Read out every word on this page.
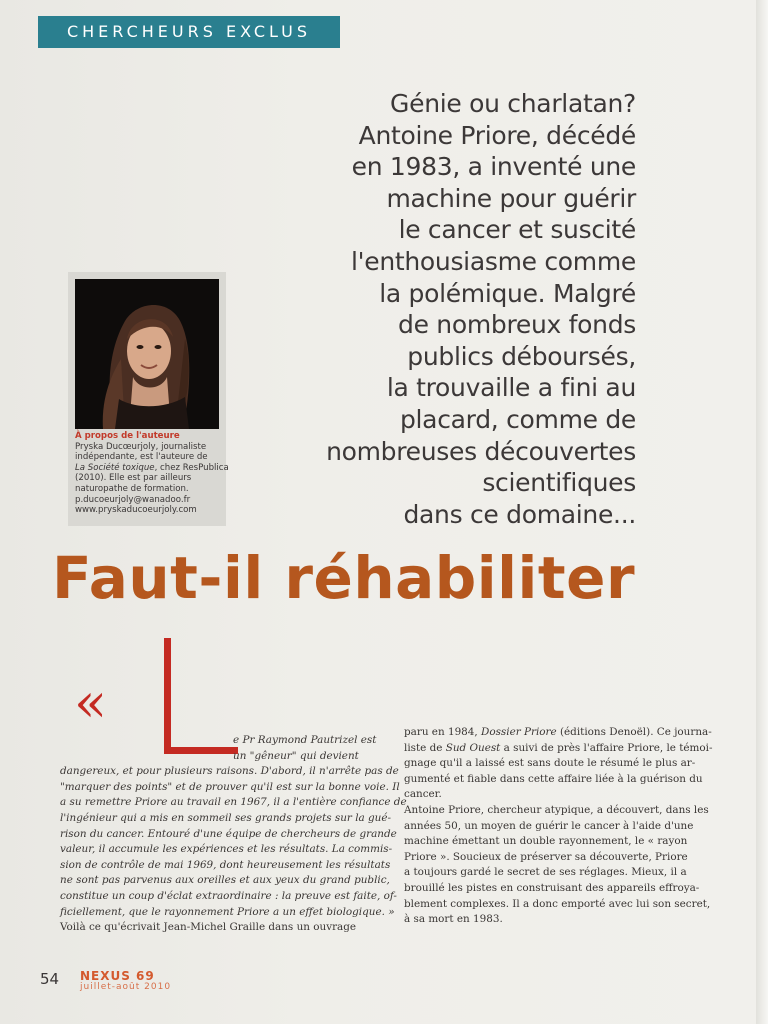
CHERCHEURS EXCLUS
Génie ou charlatan?
Antoine Priore, décédé
en 1983, a inventé une
machine pour guérir
le cancer et suscité
l'enthousiasme comme
la polémique. Malgré
de nombreux fonds
publics déboursés,
la trouvaille a fini au
placard, comme de
nombreuses découvertes
scientifiques
dans ce domaine...
À propos de l'auteure
Pryska Ducœurjoly, journaliste
indépendante, est l'auteure de
La Société toxique, chez ResPublica
(2010). Elle est par ailleurs
naturopathe de formation.
p.ducoeurjoly@wanadoo.fr
www.pryskaducoeurjoly.com
Faut-il réhabiliter
«
L
e Pr Raymond Pautrizel est
un "gêneur" qui devient
dangereux, et pour plusieurs raisons. D'abord, il n'arrête pas de
"marquer des points" et de prouver qu'il est sur la bonne voie. Il
a su remettre Priore au travail en 1967, il a l'entière confiance de
l'ingénieur qui a mis en sommeil ses grands projets sur la gué-
rison du cancer. Entouré d'une équipe de chercheurs de grande
valeur, il accumule les expériences et les résultats. La commis-
sion de contrôle de mai 1969, dont heureusement les résultats
ne sont pas parvenus aux oreilles et aux yeux du grand public,
constitue un coup d'éclat extraordinaire : la preuve est faite, of-
ficiellement, que le rayonnement Priore a un effet biologique. »
Voilà ce qu'écrivait Jean-Michel Graille dans un ouvrage
paru en 1984, Dossier Priore (éditions Denoël). Ce journa-
liste de Sud Ouest a suivi de près l'affaire Priore, le témoi-
gnage qu'il a laissé est sans doute le résumé le plus ar-
gumenté et fiable dans cette affaire liée à la guérison du
cancer.
Antoine Priore, chercheur atypique, a découvert, dans les
années 50, un moyen de guérir le cancer à l'aide d'une
machine émettant un double rayonnement, le « rayon
Priore ». Soucieux de préserver sa découverte, Priore
a toujours gardé le secret de ses réglages. Mieux, il a
brouillé les pistes en construisant des appareils effroya-
blement complexes. Il a donc emporté avec lui son secret,
à sa mort en 1983.
54 NEXUS 69
juillet-août 2010
